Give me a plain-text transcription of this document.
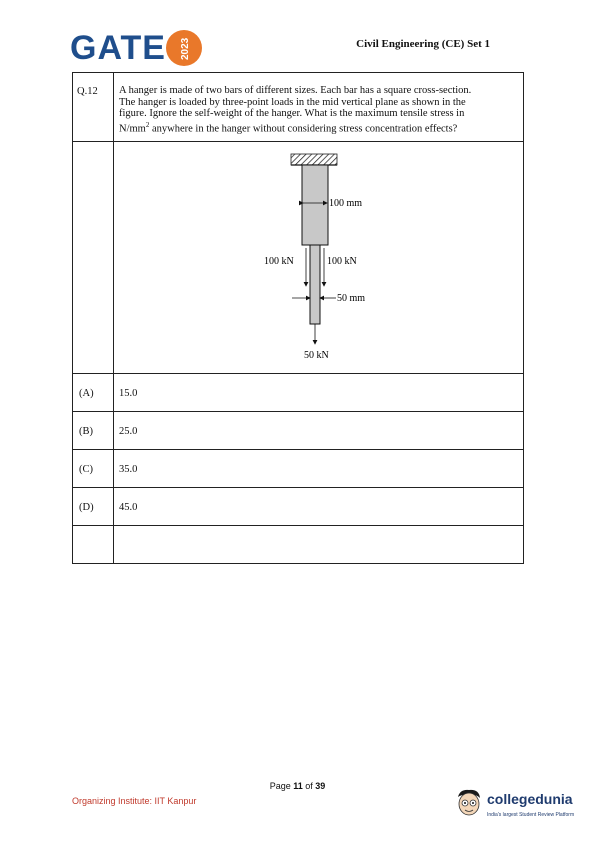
GATE 2023	Civil Engineering (CE) Set 1
Q.12	A hanger is made of two bars of different sizes. Each bar has a square cross-section.
The hanger is loaded by three-point loads in the mid vertical plane as shown in the
figure. Ignore the self-weight of the hanger. What is the maximum tensile stress in
$N/mm^2$ anywhere in the hanger without considering stress concentration effects?

100 mm
100 kN 100 kN
50 mm
50 kN

(A)	15.0

(B)	25.0

(C)	35.0

(D)	45.0

Page 11 of 39
Organizing Institute: IIT Kanpur	collegedunia
India's largest Student Review Platform
